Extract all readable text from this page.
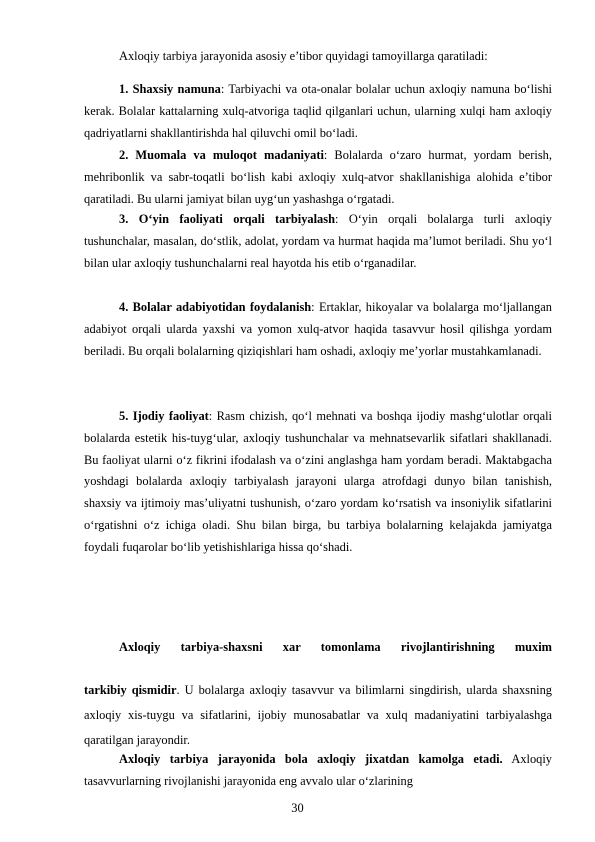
Axloqiy tarbiya jarayonida asosiy e’tibor quyidagi tamoyillarga qaratiladi:

1. Shaxsiy namuna: Tarbiyachi va ota-onalar bolalar uchun axloqiy namuna bo‘lishi kerak. Bolalar kattalarning xulq-atvoriga taqlid qilganlari uchun, ularning xulqi ham axloqiy qadriyatlarni shakllantirishda hal qiluvchi omil bo‘ladi.

2. Muomala va muloqot madaniyati: Bolalarda o‘zaro hurmat, yordam berish, mehribonlik va sabr-toqatli bo‘lish kabi axloqiy xulq-atvor shakllanishiga alohida e’tibor qaratiladi. Bu ularni jamiyat bilan uyg‘un yashashga o‘rgatadi.

3. O‘yin faoliyati orqali tarbiyalash: O‘yin orqali bolalarga turli axloqiy tushunchalar, masalan, do‘stlik, adolat, yordam va hurmat haqida ma’lumot beriladi. Shu yo‘l bilan ular axloqiy tushunchalarni real hayotda his etib o‘rganadilar.

4. Bolalar adabiyotidan foydalanish: Ertaklar, hikoyalar va bolalarga mo‘ljallangan adabiyot orqali ularda yaxshi va yomon xulq-atvor haqida tasavvur hosil qilishga yordam beriladi. Bu orqali bolalarning qiziqishlari ham oshadi, axloqiy me’yorlar mustahkamlanadi.

5. Ijodiy faoliyat: Rasm chizish, qo‘l mehnati va boshqa ijodiy mashg‘ulotlar orqali bolalarda estetik his-tuyg‘ular, axloqiy tushunchalar va mehnatsevarlik sifatlari shakllanadi. Bu faoliyat ularni o‘z fikrini ifodalash va o‘zini anglashga ham yordam beradi. Maktabgacha yoshdagi bolalarda axloqiy tarbiyalash jarayoni ularga atrofdagi dunyo bilan tanishish, shaxsiy va ijtimoiy mas’uliyatni tushunish, o‘zaro yordam ko‘rsatish va insoniylik sifatlarini o‘rgatishni o‘z ichiga oladi. Shu bilan birga, bu tarbiya bolalarning kelajakda jamiyatga foydali fuqarolar bo‘lib yetishishlariga hissa qo‘shadi.

Axloqiy tarbiya-shaxsni xar tomonlama rivojlantirishning muxim

tarkibiy qismidir. U bolalarga axloqiy tasavvur va bilimlarni singdirish, ularda shaxsning axloqiy xis-tuygu va sifatlarini, ijobiy munosabatlar va xulq madaniyatini tarbiyalashga qaratilgan jarayondir.

Axloqiy tarbiya jarayonida bola axloqiy jixatdan kamolga etadi. Axloqiy tasavvurlarning rivojlanishi jarayonida eng avvalo ular o‘zlarining

30
